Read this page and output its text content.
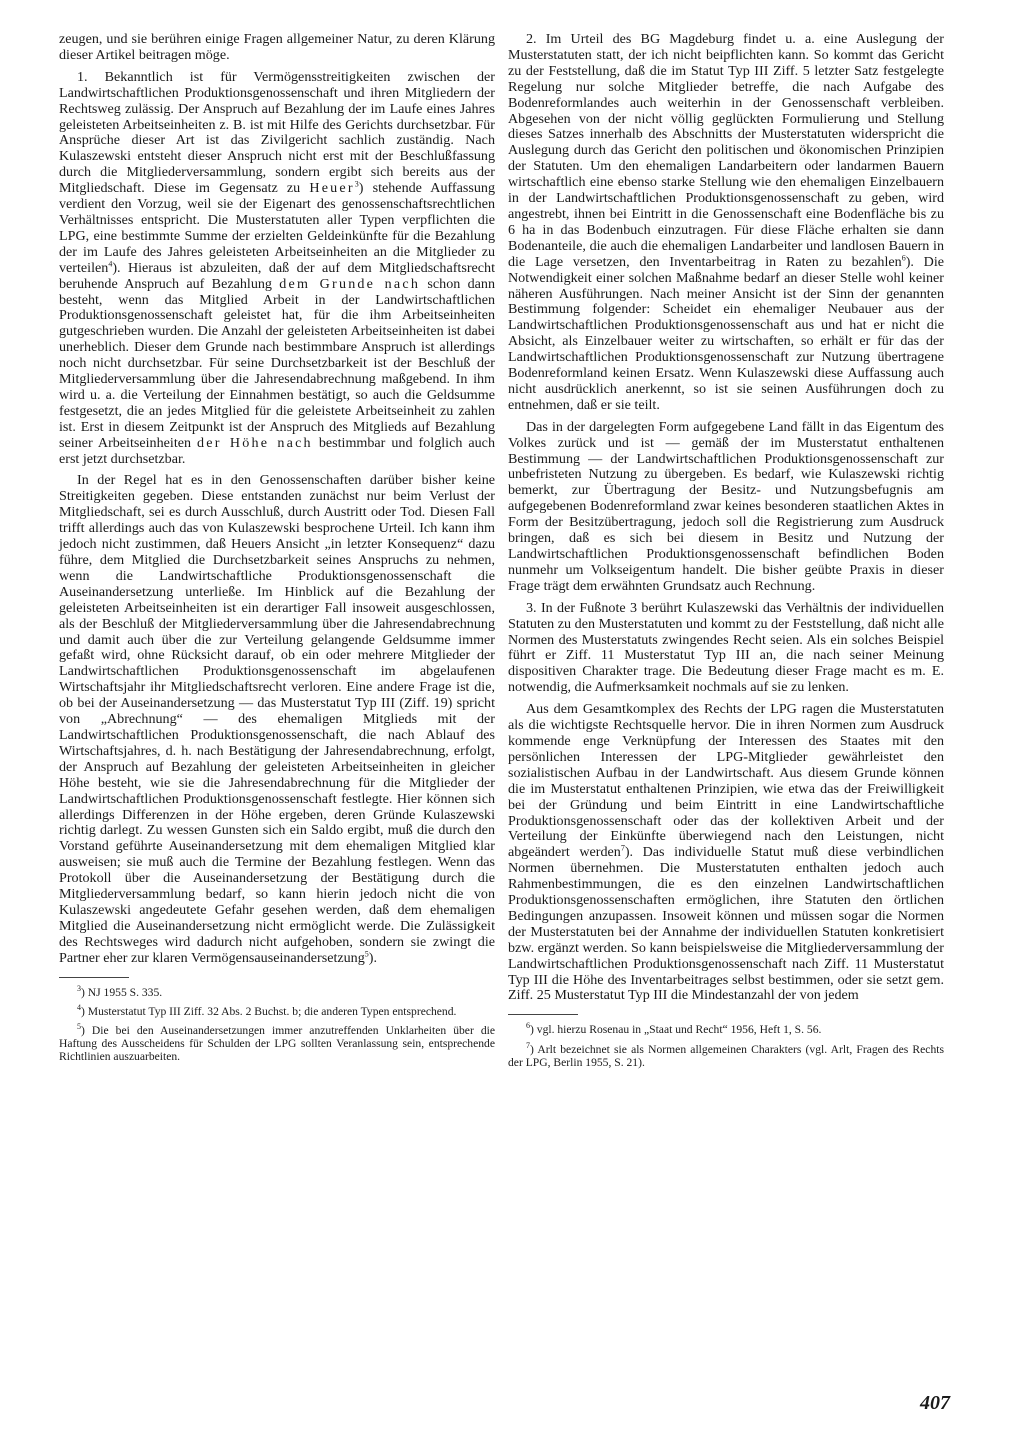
zeugen, und sie berühren einige Fragen allgemeiner Natur, zu deren Klärung dieser Artikel beitragen möge.

1. Bekanntlich ist für Vermögensstreitigkeiten zwischen der Landwirtschaftlichen Produktionsgenossenschaft und ihren Mitgliedern der Rechtsweg zulässig. Der Anspruch auf Bezahlung der im Laufe eines Jahres geleisteten Arbeitseinheiten z. B. ist mit Hilfe des Gerichts durchsetzbar. Für Ansprüche dieser Art ist das Zivilgericht sachlich zuständig. Nach Kulaszewski entsteht dieser Anspruch nicht erst mit der Beschlußfassung durch die Mitgliederversammlung, sondern ergibt sich bereits aus der Mitgliedschaft. Diese im Gegensatz zu Heuer$^3$) stehende Auffassung verdient den Vorzug, weil sie der Eigenart des genossenschaftsrechtlichen Verhältnisses entspricht. Die Musterstatuten aller Typen verpflichten die LPG, eine bestimmte Summe der erzielten Geldeinkünfte für die Bezahlung der im Laufe des Jahres geleisteten Arbeitseinheiten an die Mitglieder zu verteilen$^4$). Hieraus ist abzuleiten, daß der auf dem Mitgliedschaftsrecht beruhende Anspruch auf Bezahlung dem Grunde nach schon dann besteht, wenn das Mitglied Arbeit in der Landwirtschaftlichen Produktionsgenossenschaft geleistet hat, für die ihm Arbeitseinheiten gutgeschrieben wurden. Die Anzahl der geleisteten Arbeitseinheiten ist dabei unerheblich. Dieser dem Grunde nach bestimmbare Anspruch ist allerdings noch nicht durchsetzbar. Für seine Durchsetzbarkeit ist der Beschluß der Mitgliederversammlung über die Jahresendabrechnung maßgebend. In ihm wird u. a. die Verteilung der Einnahmen bestätigt, so auch die Geldsumme festgesetzt, die an jedes Mitglied für die geleistete Arbeitseinheit zu zahlen ist. Erst in diesem Zeitpunkt ist der Anspruch des Mitglieds auf Bezahlung seiner Arbeitseinheiten der Höhe nach bestimmbar und folglich auch erst jetzt durchsetzbar.

In der Regel hat es in den Genossenschaften darüber bisher keine Streitigkeiten gegeben. Diese entstanden zunächst nur beim Verlust der Mitgliedschaft, sei es durch Ausschluß, durch Austritt oder Tod. Diesen Fall trifft allerdings auch das von Kulaszewski besprochene Urteil. Ich kann ihm jedoch nicht zustimmen, daß Heuers Ansicht „in letzter Konsequenz“ dazu führe, dem Mitglied die Durchsetzbarkeit seines Anspruchs zu nehmen, wenn die Landwirtschaftliche Produktionsgenossenschaft die Auseinandersetzung unterließe. Im Hinblick auf die Bezahlung der geleisteten Arbeitseinheiten ist ein derartiger Fall insoweit ausgeschlossen, als der Beschluß der Mitgliederversammlung über die Jahresendabrechnung und damit auch über die zur Verteilung gelangende Geldsumme immer gefaßt wird, ohne Rücksicht darauf, ob ein oder mehrere Mitglieder der Landwirtschaftlichen Produktionsgenossenschaft im abgelaufenen Wirtschaftsjahr ihr Mitgliedschaftsrecht verloren. Eine andere Frage ist die, ob bei der Auseinandersetzung — das Musterstatut Typ III (Ziff. 19) spricht von „Abrechnung“ — des ehemaligen Mitglieds mit der Landwirtschaftlichen Produktionsgenossenschaft, die nach Ablauf des Wirtschaftsjahres, d. h. nach Bestätigung der Jahresendabrechnung, erfolgt, der Anspruch auf Bezahlung der geleisteten Arbeitseinheiten in gleicher Höhe besteht, wie sie die Jahresendabrechnung für die Mitglieder der Landwirtschaftlichen Produktionsgenossenschaft festlegte. Hier können sich allerdings Differenzen in der Höhe ergeben, deren Gründe Kulaszewski richtig darlegt. Zu wessen Gunsten sich ein Saldo ergibt, muß die durch den Vorstand geführte Auseinandersetzung mit dem ehemaligen Mitglied klar ausweisen; sie muß auch die Termine der Bezahlung festlegen. Wenn das Protokoll über die Auseinandersetzung der Bestätigung durch die Mitgliederversammlung bedarf, so kann hierin jedoch nicht die von Kulaszewski angedeutete Gefahr gesehen werden, daß dem ehemaligen Mitglied die Auseinandersetzung nicht ermöglicht werde. Die Zulässigkeit des Rechtsweges wird dadurch nicht aufgehoben, sondern sie zwingt die Partner eher zur klaren Vermögensauseinandersetzung$^5$).

$^3$) NJ 1955 S. 335.

$^4$) Musterstatut Typ III Ziff. 32 Abs. 2 Buchst. b; die anderen Typen entsprechend.

$^5$) Die bei den Auseinandersetzungen immer anzutreffenden Unklarheiten über die Haftung des Ausscheidens für Schulden der LPG sollten Veranlassung sein, entsprechende Richtlinien auszuarbeiten.

2. Im Urteil des BG Magdeburg findet u. a. eine Auslegung der Musterstatuten statt, der ich nicht beipflichten kann. So kommt das Gericht zu der Feststellung, daß die im Statut Typ III Ziff. 5 letzter Satz festgelegte Regelung nur solche Mitglieder betreffe, die nach Aufgabe des Bodenreformlandes auch weiterhin in der Genossenschaft verbleiben. Abgesehen von der nicht völlig geglückten Formulierung und Stellung dieses Satzes innerhalb des Abschnitts der Musterstatuten widerspricht die Auslegung durch das Gericht den politischen und ökonomischen Prinzipien der Statuten. Um den ehemaligen Landarbeitern oder landarmen Bauern wirtschaftlich eine ebenso starke Stellung wie den ehemaligen Einzelbauern in der Landwirtschaftlichen Produktionsgenossenschaft zu geben, wird angestrebt, ihnen bei Eintritt in die Genossenschaft eine Bodenfläche bis zu 6 ha in das Bodenbuch einzutragen. Für diese Fläche erhalten sie dann Bodenanteile, die auch die ehemaligen Landarbeiter und landlosen Bauern in die Lage versetzen, den Inventarbeitrag in Raten zu bezahlen$^6$). Die Notwendigkeit einer solchen Maßnahme bedarf an dieser Stelle wohl keiner näheren Ausführungen. Nach meiner Ansicht ist der Sinn der genannten Bestimmung folgender: Scheidet ein ehemaliger Neubauer aus der Landwirtschaftlichen Produktionsgenossenschaft aus und hat er nicht die Absicht, als Einzelbauer weiter zu wirtschaften, so erhält er für das der Landwirtschaftlichen Produktionsgenossenschaft zur Nutzung übertragene Bodenreformland keinen Ersatz. Wenn Kulaszewski diese Auffassung auch nicht ausdrücklich anerkennt, so ist sie seinen Ausführungen doch zu entnehmen, daß er sie teilt.

Das in der dargelegten Form aufgegebene Land fällt in das Eigentum des Volkes zurück und ist — gemäß der im Musterstatut enthaltenen Bestimmung — der Landwirtschaftlichen Produktionsgenossenschaft zur unbefristeten Nutzung zu übergeben. Es bedarf, wie Kulaszewski richtig bemerkt, zur Übertragung der Besitz- und Nutzungsbefugnis am aufgegebenen Bodenreformland zwar keines besonderen staatlichen Aktes in Form der Besitzübertragung, jedoch soll die Registrierung zum Ausdruck bringen, daß es sich bei diesem in Besitz und Nutzung der Landwirtschaftlichen Produktionsgenossenschaft befindlichen Boden nunmehr um Volkseigentum handelt. Die bisher geübte Praxis in dieser Frage trägt dem erwähnten Grundsatz auch Rechnung.

3. In der Fußnote 3 berührt Kulaszewski das Verhältnis der individuellen Statuten zu den Musterstatuten und kommt zu der Feststellung, daß nicht alle Normen des Musterstatuts zwingendes Recht seien. Als ein solches Beispiel führt er Ziff. 11 Musterstatut Typ III an, die nach seiner Meinung dispositiven Charakter trage. Die Bedeutung dieser Frage macht es m. E. notwendig, die Aufmerksamkeit nochmals auf sie zu lenken.

Aus dem Gesamtkomplex des Rechts der LPG ragen die Musterstatuten als die wichtigste Rechtsquelle hervor. Die in ihren Normen zum Ausdruck kommende enge Verknüpfung der Interessen des Staates mit den persönlichen Interessen der LPG-Mitglieder gewährleistet den sozialistischen Aufbau in der Landwirtschaft. Aus diesem Grunde können die im Musterstatut enthaltenen Prinzipien, wie etwa das der Freiwilligkeit bei der Gründung und beim Eintritt in eine Landwirtschaftliche Produktionsgenossenschaft oder das der kollektiven Arbeit und der Verteilung der Einkünfte überwiegend nach den Leistungen, nicht abgeändert werden$^7$). Das individuelle Statut muß diese verbindlichen Normen übernehmen. Die Musterstatuten enthalten jedoch auch Rahmenbestimmungen, die es den einzelnen Landwirtschaftlichen Produktionsgenossenschaften ermöglichen, ihre Statuten den örtlichen Bedingungen anzupassen. Insoweit können und müssen sogar die Normen der Musterstatuten bei der Annahme der individuellen Statuten konkretisiert bzw. ergänzt werden. So kann beispielsweise die Mitgliederversammlung der Landwirtschaftlichen Produktionsgenossenschaft nach Ziff. 11 Musterstatut Typ III die Höhe des Inventarbeitrages selbst bestimmen, oder sie setzt gem. Ziff. 25 Musterstatut Typ III die Mindestanzahl der von jedem

$^6$) vgl. hierzu Rosenau in „Staat und Recht“ 1956, Heft 1, S. 56.

$^7$) Arlt bezeichnet sie als Normen allgemeinen Charakters (vgl. Arlt, Fragen des Rechts der LPG, Berlin 1955, S. 21).

407
